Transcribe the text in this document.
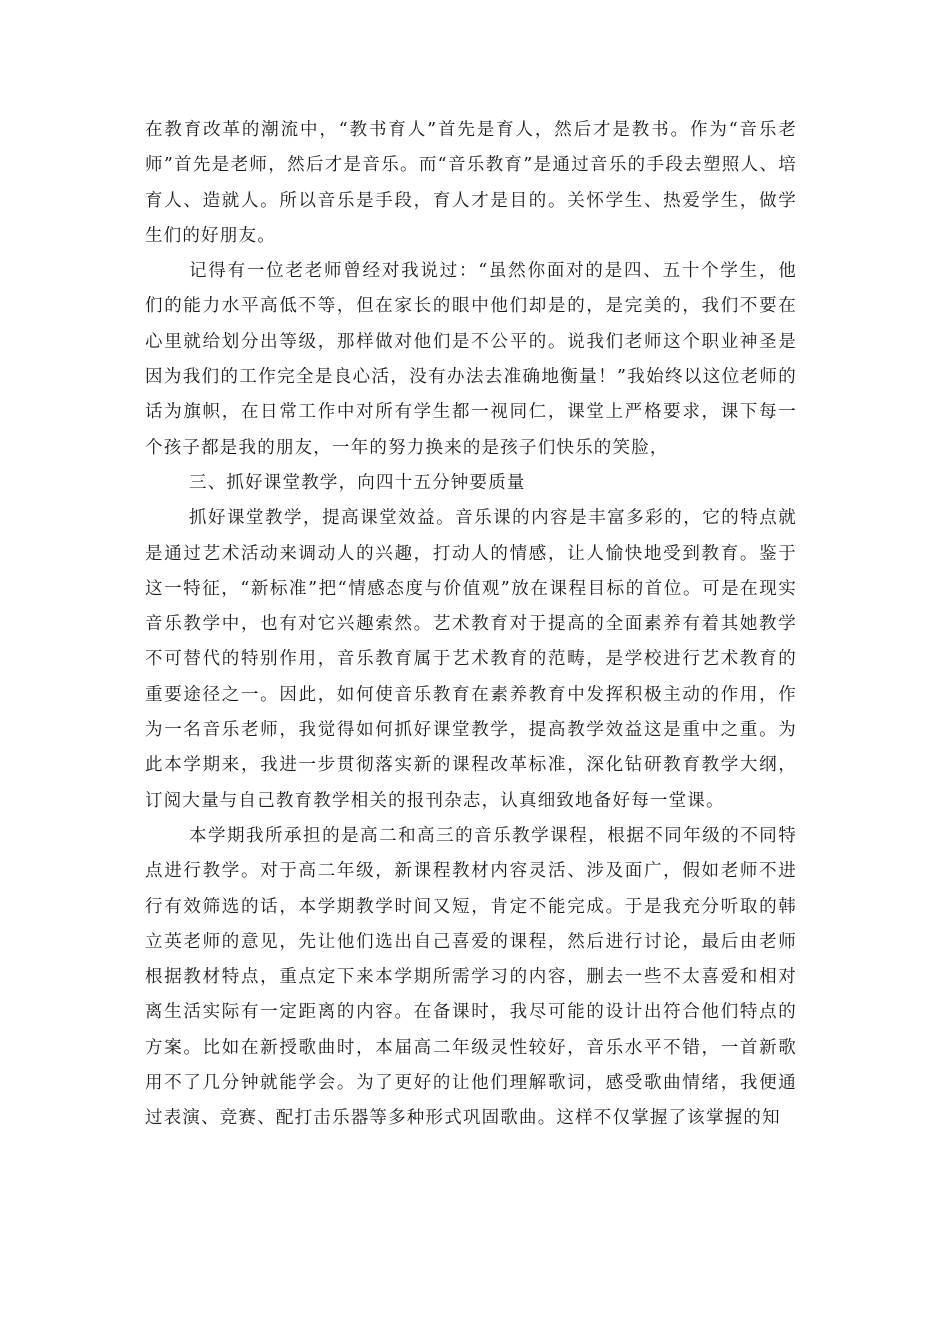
在教育改革的潮流中，“教书育人”首先是育人，然后才是教书。作为“音乐老师”首先是老师，然后才是音乐。而“音乐教育”是通过音乐的手段去塑照人、培育人、造就人。所以音乐是手段，育人才是目的。关怀学生、热爱学生，做学生们的好朋友。

记得有一位老老师曾经对我说过：“虽然你面对的是四、五十个学生，他们的能力水平高低不等，但在家长的眼中他们却是的，是完美的，我们不要在心里就给划分出等级，那样做对他们是不公平的。说我们老师这个职业神圣是因为我们的工作完全是良心活，没有办法去准确地衡量！”我始终以这位老师的话为旗帜，在日常工作中对所有学生都一视同仁，课堂上严格要求，课下每一个孩子都是我的朋友，一年的努力换来的是孩子们快乐的笑脸，

三、抓好课堂教学，向四十五分钟要质量

抓好课堂教学，提高课堂效益。音乐课的内容是丰富多彩的，它的特点就是通过艺术活动来调动人的兴趣，打动人的情感，让人愉快地受到教育。鉴于这一特征，“新标准”把“情感态度与价值观”放在课程目标的首位。可是在现实音乐教学中，也有对它兴趣索然。艺术教育对于提高的全面素养有着其她教学不可替代的特别作用，音乐教育属于艺术教育的范畴，是学校进行艺术教育的重要途径之一。因此，如何使音乐教育在素养教育中发挥积极主动的作用，作为一名音乐老师，我觉得如何抓好课堂教学，提高教学效益这是重中之重。为此本学期来，我进一步贯彻落实新的课程改革标准，深化钻研教育教学大纲，订阅大量与自己教育教学相关的报刊杂志，认真细致地备好每一堂课。

本学期我所承担的是高二和高三的音乐教学课程，根据不同年级的不同特点进行教学。对于高二年级，新课程教材内容灵活、涉及面广，假如老师不进行有效筛选的话，本学期教学时间又短，肯定不能完成。于是我充分听取的韩立英老师的意见，先让他们选出自己喜爱的课程，然后进行讨论，最后由老师根据教材特点，重点定下来本学期所需学习的内容，删去一些不太喜爱和相对离生活实际有一定距离的内容。在备课时，我尽可能的设计出符合他们特点的方案。比如在新授歌曲时，本届高二年级灵性较好，音乐水平不错，一首新歌用不了几分钟就能学会。为了更好的让他们理解歌词，感受歌曲情绪，我便通过表演、竞赛、配打击乐器等多种形式巩固歌曲。这样不仅掌握了该掌握的知
